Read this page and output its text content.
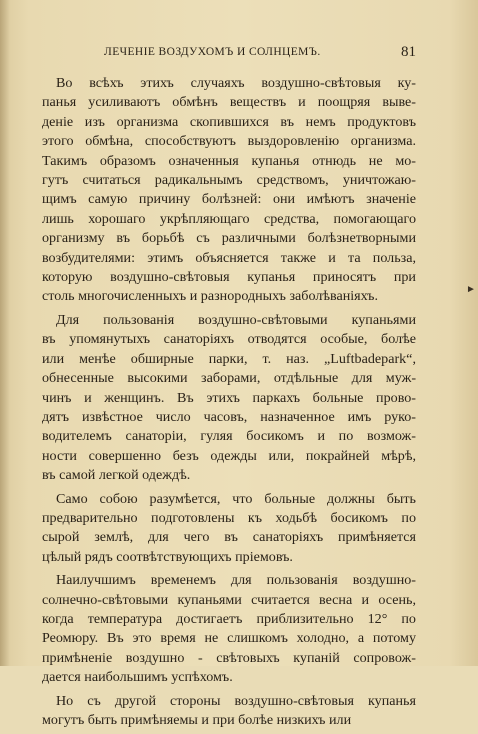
ЛЕЧЕНІЕ ВОЗДУХОМЪ И СОЛНЦЕМЪ.	81

Во всѣхъ этихъ случаяхъ воздушно-свѣтовыя ку-
панья усиливаютъ обмѣнъ веществъ и поощряя выве-
деніе изъ организма скопившихся въ немъ продуктовъ
этого обмѣна, способствуютъ выздоровленію организма.
Такимъ образомъ означенныя купанья отнюдь не мо-
гутъ считаться радикальнымъ средствомъ, уничтожаю-
щимъ самую причину болѣзней: они имѣютъ значеніе
лишь хорошаго укрѣпляющаго средства, помогающаго
организму въ борьбѣ съ различными болѣзнетворными
возбудителями: этимъ объясняется также и та польза,
которую воздушно-свѣтовыя купанья приносятъ при
столь многочисленныхъ и разнородныхъ заболѣваніяхъ.

Для пользованія воздушно-свѣтовыми купаньями
въ упомянутыхъ санаторіяхъ отводятся особые, болѣе
или менѣе обширные парки, т. наз. „Luftbadepark“,
обнесенные высокими заборами, отдѣльные для муж-
чинъ и женщинъ. Въ этихъ паркахъ больные прово-
дятъ извѣстное число часовъ, назначенное имъ руко-
водителемъ санаторіи, гуляя босикомъ и по возмож-
ности совершенно безъ одежды или, покрайней мѣрѣ,
въ самой легкой одеждѣ.

Само собою разумѣется, что больные должны быть
предварительно подготовлены къ ходьбѣ босикомъ по
сырой землѣ, для чего въ санаторіяхъ примѣняется
цѣлый рядъ соотвѣтствующихъ пріемовъ.

Наилучшимъ временемъ для пользованія воздушно-
солнечно-свѣтовыми купаньями считается весна и осень,
когда температура достигаетъ приблизительно 12° по
Реомюру. Въ это время не слишкомъ холодно, а потому
примѣненіе воздушно - свѣтовыхъ купаній сопровож-
дается наибольшимъ успѣхомъ.

Но съ другой стороны воздушно-свѣтовыя купанья
могутъ быть примѣняемы и при болѣе низкихъ или

►
